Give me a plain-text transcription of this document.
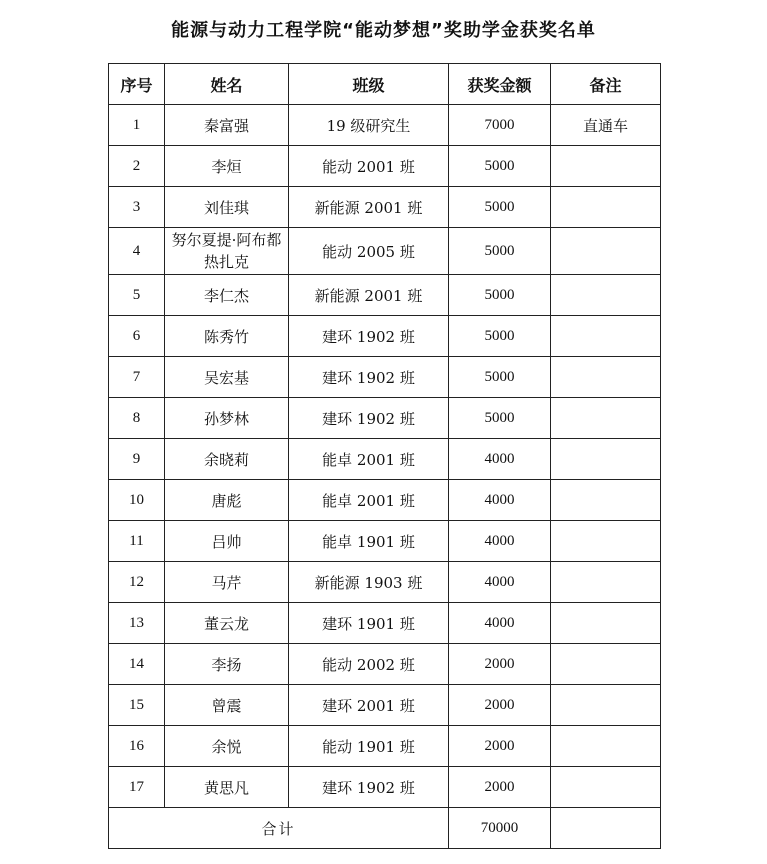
能源与动力工程学院“能动梦想”奖助学金获奖名单
序号	姓名	班级	获奖金额	备注
1	秦富强	19 级研究生	7000	直通车
2	李烜	能动 2001 班	5000	
3	刘佳琪	新能源 2001 班	5000	
4	努尔夏提·阿布都热扎克	能动 2005 班	5000	
5	李仁杰	新能源 2001 班	5000	
6	陈秀竹	建环 1902 班	5000	
7	吴宏基	建环 1902 班	5000	
8	孙梦林	建环 1902 班	5000	
9	余晓莉	能卓 2001 班	4000	
10	唐彪	能卓 2001 班	4000	
11	吕帅	能卓 1901 班	4000	
12	马芹	新能源 1903 班	4000	
13	董云龙	建环 1901 班	4000	
14	李扬	能动 2002 班	2000	
15	曾震	建环 2001 班	2000	
16	余悦	能动 1901 班	2000	
17	黄思凡	建环 1902 班	2000	
合计			70000	
